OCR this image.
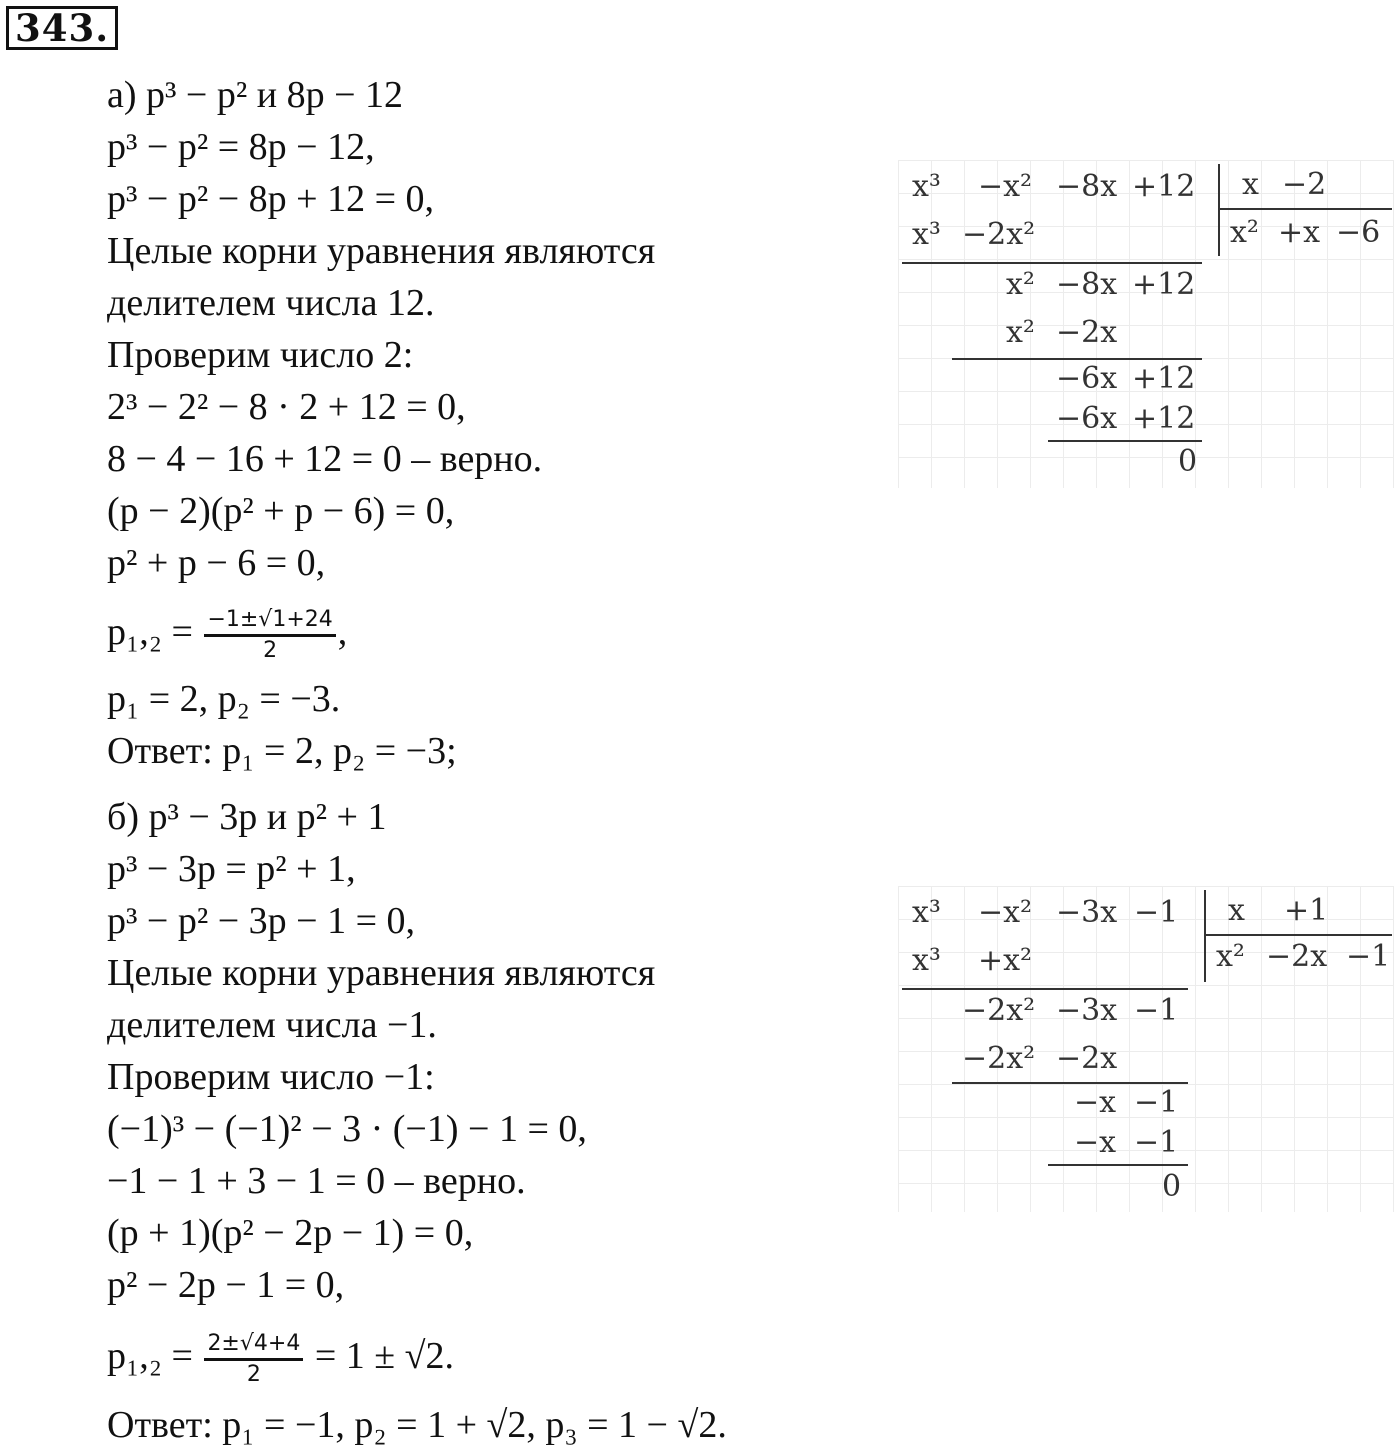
343.
а) p³ − p² и 8p − 12
p³ − p² = 8p − 12,
p³ − p² − 8p + 12 = 0,
Целые корни уравнения являются
делителем числа 12.
Проверим число 2:
2³ − 2² − 8 · 2 + 12 = 0,
8 − 4 − 16 + 12 = 0 – верно.
(p − 2)(p² + p − 6) = 0,
p² + p − 6 = 0,
$p_1,_2 = \frac{-1\pm√1+24}{2}$ ,
p₁ = 2, p₂ = −3.
Ответ: p₁ = 2, p₂ = −3;
б) p³ − 3p и p² + 1
p³ − 3p = p² + 1,
p³ − p² − 3p − 1 = 0,
Целые корни уравнения являются
делителем числа −1.
Проверим число −1:
(−1)³ − (−1)² − 3 · (−1) − 1 = 0,
−1 − 1 + 3 − 1 = 0 – верно.
(p + 1)(p² − 2p − 1) = 0,
p² − 2p − 1 = 0,
$p_1,_2 = \frac{2\pm√4+4}{2} = 1 \pm √2$.
Ответ: p₁ = −1, p₂ = 1 + √2, p₃ = 1 − √2.
x³ −x² −8x +12 x −2
x² +x −6
x³ −2x²
x² −8x +12
x² −2x
−6x +12
−6x +12
0
x³ −x² −3x −1 x +1
x² −2x −1
x³ +x²
−2x² −3x −1
−2x² −2x
−x −1
−x −1
0
